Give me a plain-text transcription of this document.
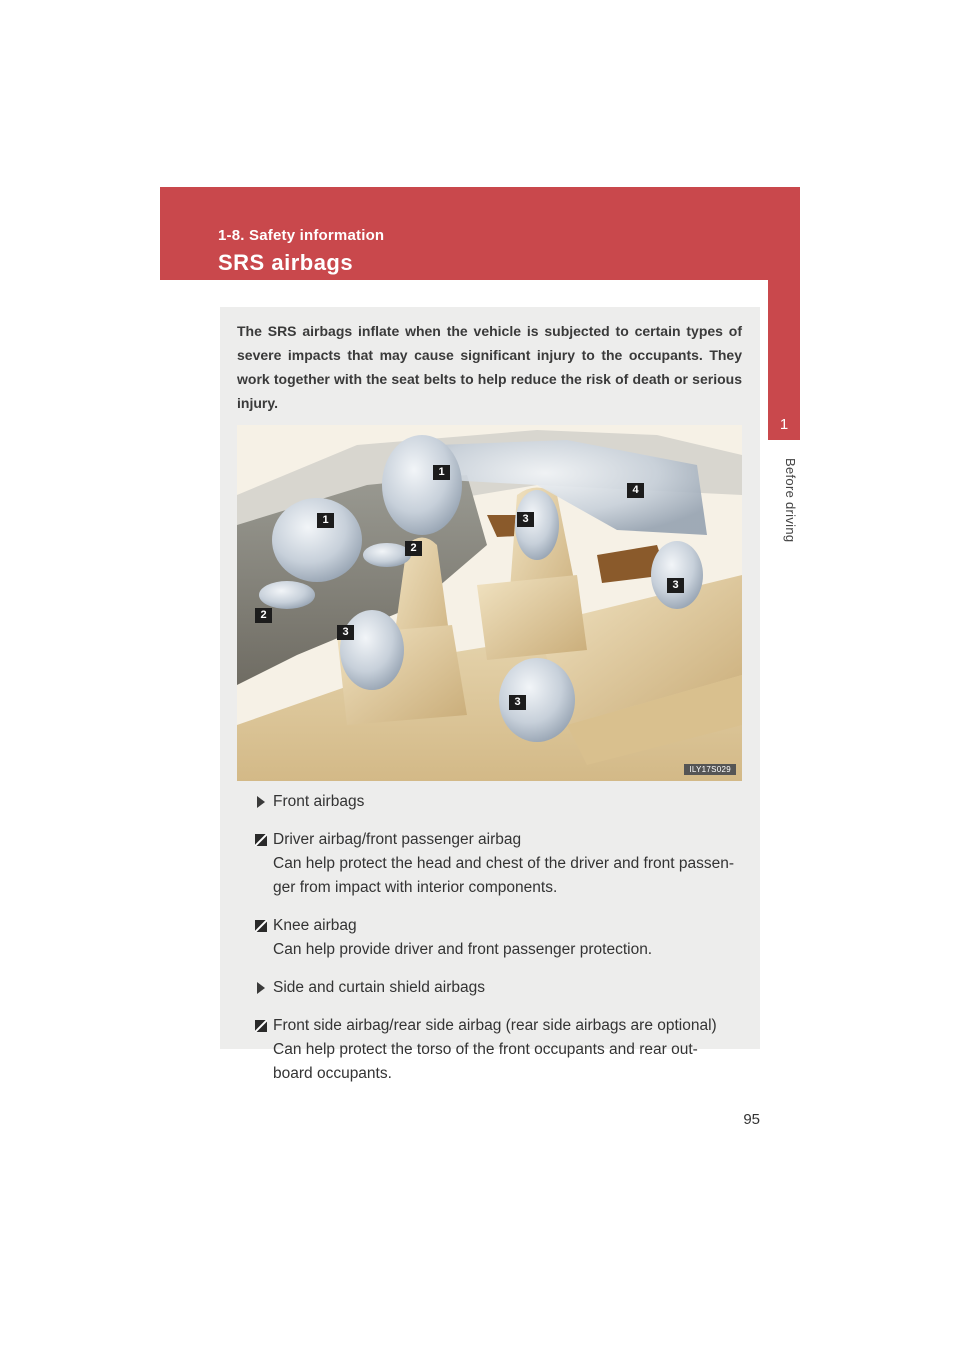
1-8. Safety information
SRS airbags
1
Before driving
The SRS airbags inflate when the vehicle is subjected to certain types of severe impacts that may cause significant injury to the occupants. They work together with the seat belts to help reduce the risk of death or serious injury.
1
1
2
2
3
3
3
3
4
ILY17S029
Front airbags
Driver airbag/front passenger airbag
Can help protect the head and chest of the driver and front passen-
ger from impact with interior components.
Knee airbag
Can help provide driver and front passenger protection.
Side and curtain shield airbags
Front side airbag/rear side airbag (rear side airbags are optional)
Can help protect the torso of the front occupants and rear out-
board occupants.
95
